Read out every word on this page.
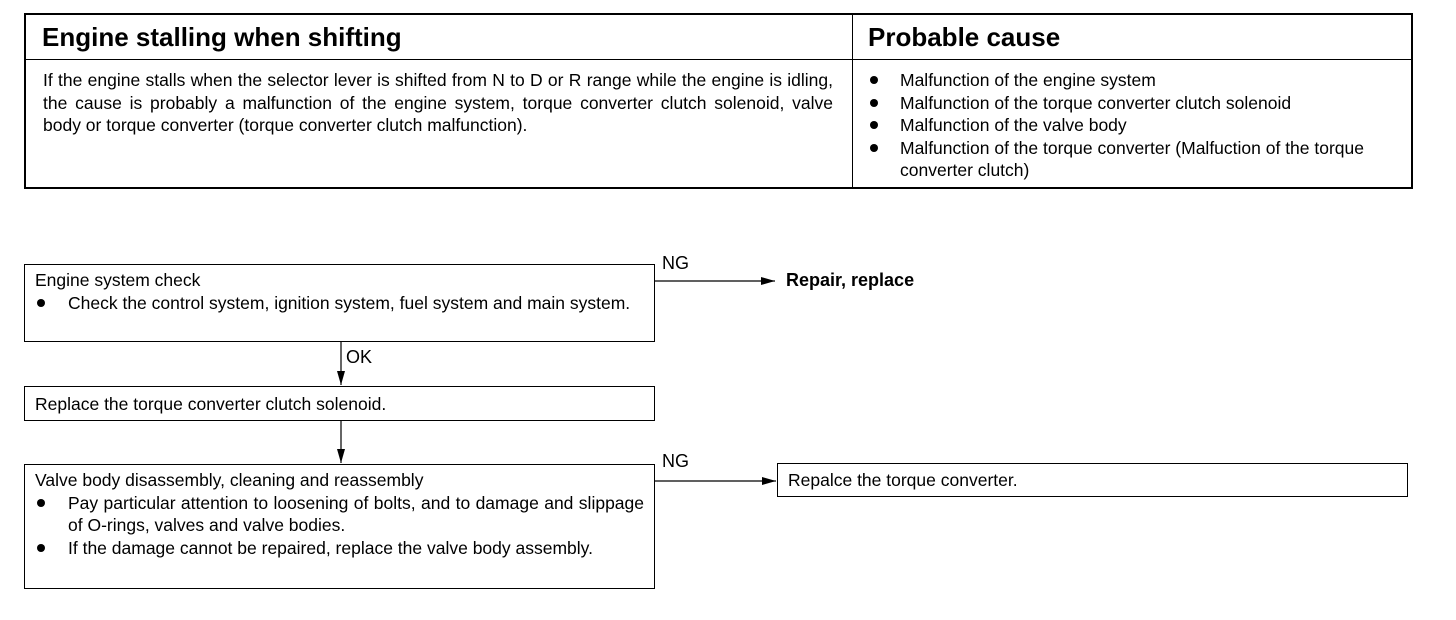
Engine stalling when shifting	Probable cause
If the engine stalls when the selector lever is shifted from N to D or R range while the engine is idling, the cause is probably a malfunction of the engine system, torque converter clutch solenoid, valve body or torque converter (torque converter clutch malfunction).
Malfunction of the engine system
Malfunction of the torque converter clutch solenoid
Malfunction of the valve body
Malfunction of the torque converter (Malfuction of the torque converter clutch)
Engine system check
Check the control system, ignition system, fuel system and main system.
NG
Repair, replace
OK
Replace the torque converter clutch solenoid.
Valve body disassembly, cleaning and reassembly
Pay particular attention to loosening of bolts, and to damage and slippage of O-rings, valves and valve bodies.
If the damage cannot be repaired, replace the valve body assembly.
NG
Repalce the torque converter.
